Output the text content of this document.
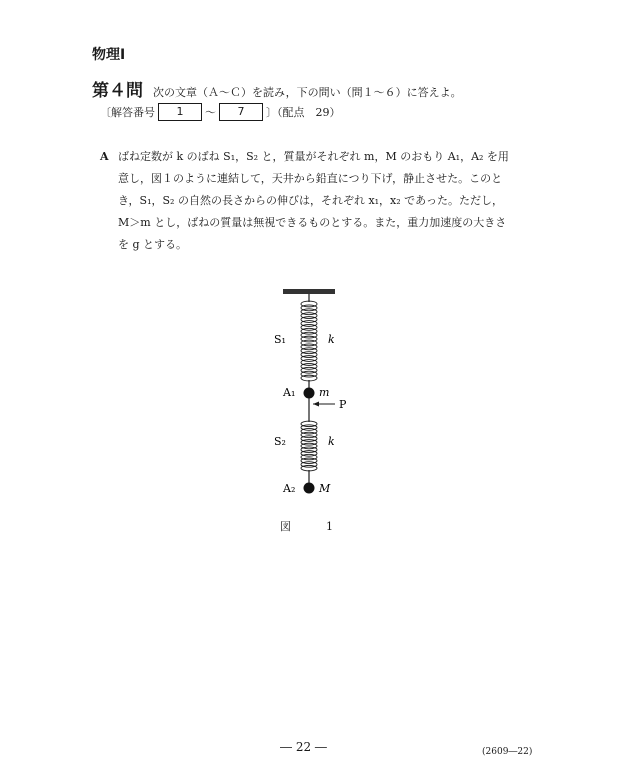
物理Ⅰ
第４問 次の文章（Ａ～Ｃ）を読み，下の問い（問１～６）に答えよ。
〔解答番号	1	～	7	〕（配点　29）
A ばね定数が k のばね S₁，S₂ と，質量がそれぞれ m，M のおもり A₁，A₂ を用
意し，図１のように連結して，天井から鉛直につり下げ，静止させた。このと
き，S₁，S₂ の自然の長さからの伸びは，それぞれ x₁，x₂ であった。ただし，
M＞m とし，ばねの質量は無視できるものとする。また，重力加速度の大きさ
を g とする。
S₁	k
A₁ m
P
S₂	k
A₂ M
図　1
― 22 ―	(2609―22)
